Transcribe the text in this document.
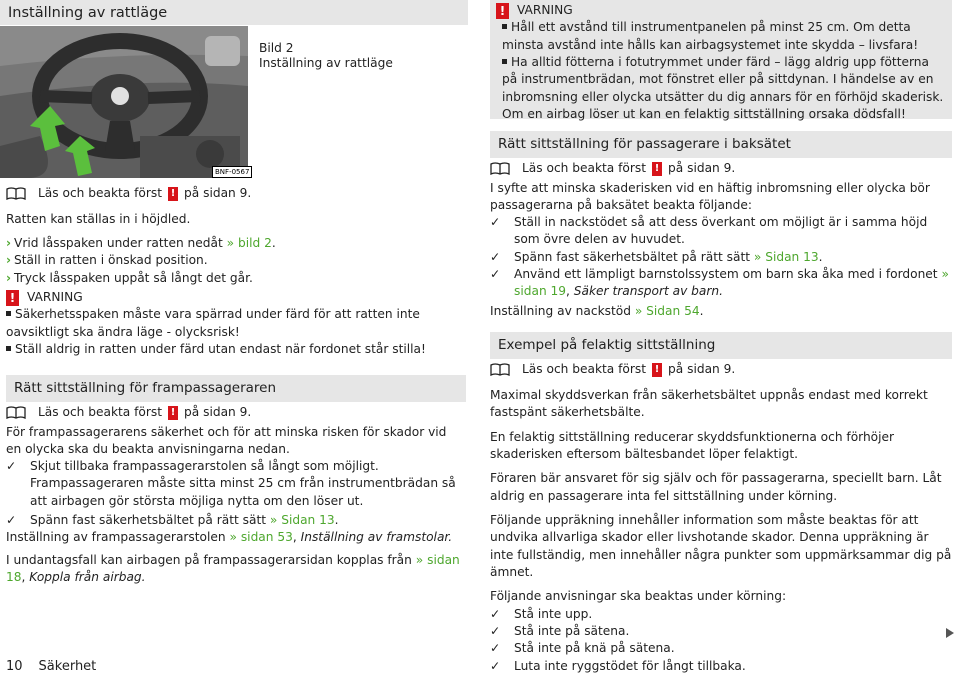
Inställning av rattläge
BNF-0567
Bild 2
Inställning av rattläge
Läs och beakta först ! på sidan 9.
Ratten kan ställas in i höjdled.
› Vrid låsspaken under ratten nedåt » bild 2.
› Ställ in ratten i önskad position.
› Tryck låsspaken uppåt så långt det går.
! VARNING
Säkerhetsspaken måste vara spärrad under färd för att ratten inte oavsiktligt ska ändra läge - olycksrisk!
Ställ aldrig in ratten under färd utan endast när fordonet står stilla!
Rätt sittställning för frampassageraren
Läs och beakta först ! på sidan 9.
För frampassagerarens säkerhet och för att minska risken för skador vid en olycka ska du beakta anvisningarna nedan.
✓ Skjut tillbaka frampassagerarstolen så långt som möjligt. Frampassageraren måste sitta minst 25 cm från instrumentbrädan så att airbagen gör största möjliga nytta om den löser ut.
✓ Spänn fast säkerhetsbältet på rätt sätt » Sidan 13.
Inställning av frampassagerarstolen » sidan 53, Inställning av framstolar.
I undantagsfall kan airbagen på frampassagerarsidan kopplas från » sidan 18, Koppla från airbag.
10 Säkerhet
! VARNING
Håll ett avstånd till instrumentpanelen på minst 25 cm. Om detta minsta avstånd inte hålls kan airbagsystemet inte skydda – livsfara!
Ha alltid fötterna i fotutrymmet under färd – lägg aldrig upp fötterna på instrumentbrädan, mot fönstret eller på sittdynan. I händelse av en inbromsning eller olycka utsätter du dig annars för en förhöjd skaderisk. Om en airbag löser ut kan en felaktig sittställning orsaka dödsfall!
Rätt sittställning för passagerare i baksätet
Läs och beakta först ! på sidan 9.
I syfte att minska skaderisken vid en häftig inbromsning eller olycka bör passagerarna på baksätet beakta följande:
✓ Ställ in nackstödet så att dess överkant om möjligt är i samma höjd som övre delen av huvudet.
✓ Spänn fast säkerhetsbältet på rätt sätt » Sidan 13.
✓ Använd ett lämpligt barnstolssystem om barn ska åka med i fordonet » sidan 19, Säker transport av barn.
Inställning av nackstöd » Sidan 54.
Exempel på felaktig sittställning
Läs och beakta först ! på sidan 9.

Maximal skyddsverkan från säkerhetsbältet uppnås endast med korrekt fastspänt säkerhetsbälte.

En felaktig sittställning reducerar skyddsfunktionerna och förhöjer skaderisken eftersom bältesbandet löper felaktigt.

Föraren bär ansvaret för sig själv och för passagerarna, speciellt barn. Låt aldrig en passagerare inta fel sittställning under körning.

Följande uppräkning innehåller information som måste beaktas för att undvika allvarliga skador eller livshotande skador. Denna uppräkning är inte fullständig, men innehåller några punkter som uppmärksammar dig på ämnet.

Följande anvisningar ska beaktas under körning:

✓ Stå inte upp.
✓ Stå inte på sätena.
✓ Stå inte på knä på sätena.
✓ Luta inte ryggstödet för långt tillbaka.
